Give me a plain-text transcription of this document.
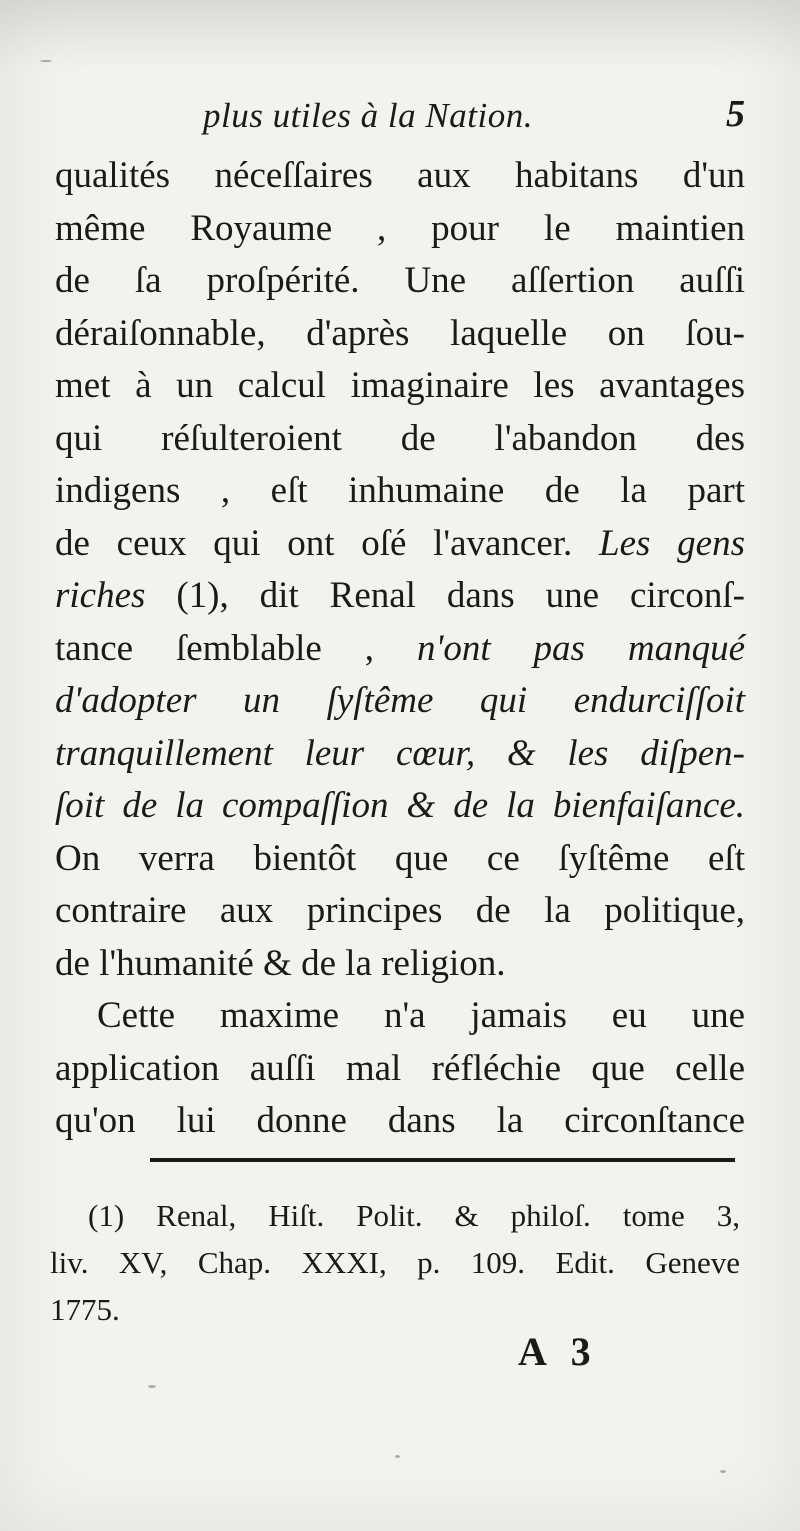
plus utiles à la Nation.	5
qualités néceſſaires aux habitans d'un
même Royaume , pour le maintien
de ſa proſpérité. Une aſſertion auſſi
déraiſonnable, d'après laquelle on ſou-
met à un calcul imaginaire les avantages
qui réſulteroient de l'abandon des
indigens , eſt inhumaine de la part
de ceux qui ont oſé l'avancer. Les gens
riches (1), dit Renal dans une circonſ-
tance ſemblable , n'ont pas manqué
d'adopter un ſyſtême qui endurciſſoit
tranquillement leur cœur, & les diſpen-
ſoit de la compaſſion & de la bienfaiſance.
On verra bientôt que ce ſyſtême eſt
contraire aux principes de la politique,
de l'humanité & de la religion.
Cette maxime n'a jamais eu une
application auſſi mal réfléchie que celle
qu'on lui donne dans la circonſtance
(1) Renal, Hiſt. Polit. & philoſ. tome 3,
liv. XV, Chap. XXXI, p. 109. Edit. Geneve
1775.
A 3
